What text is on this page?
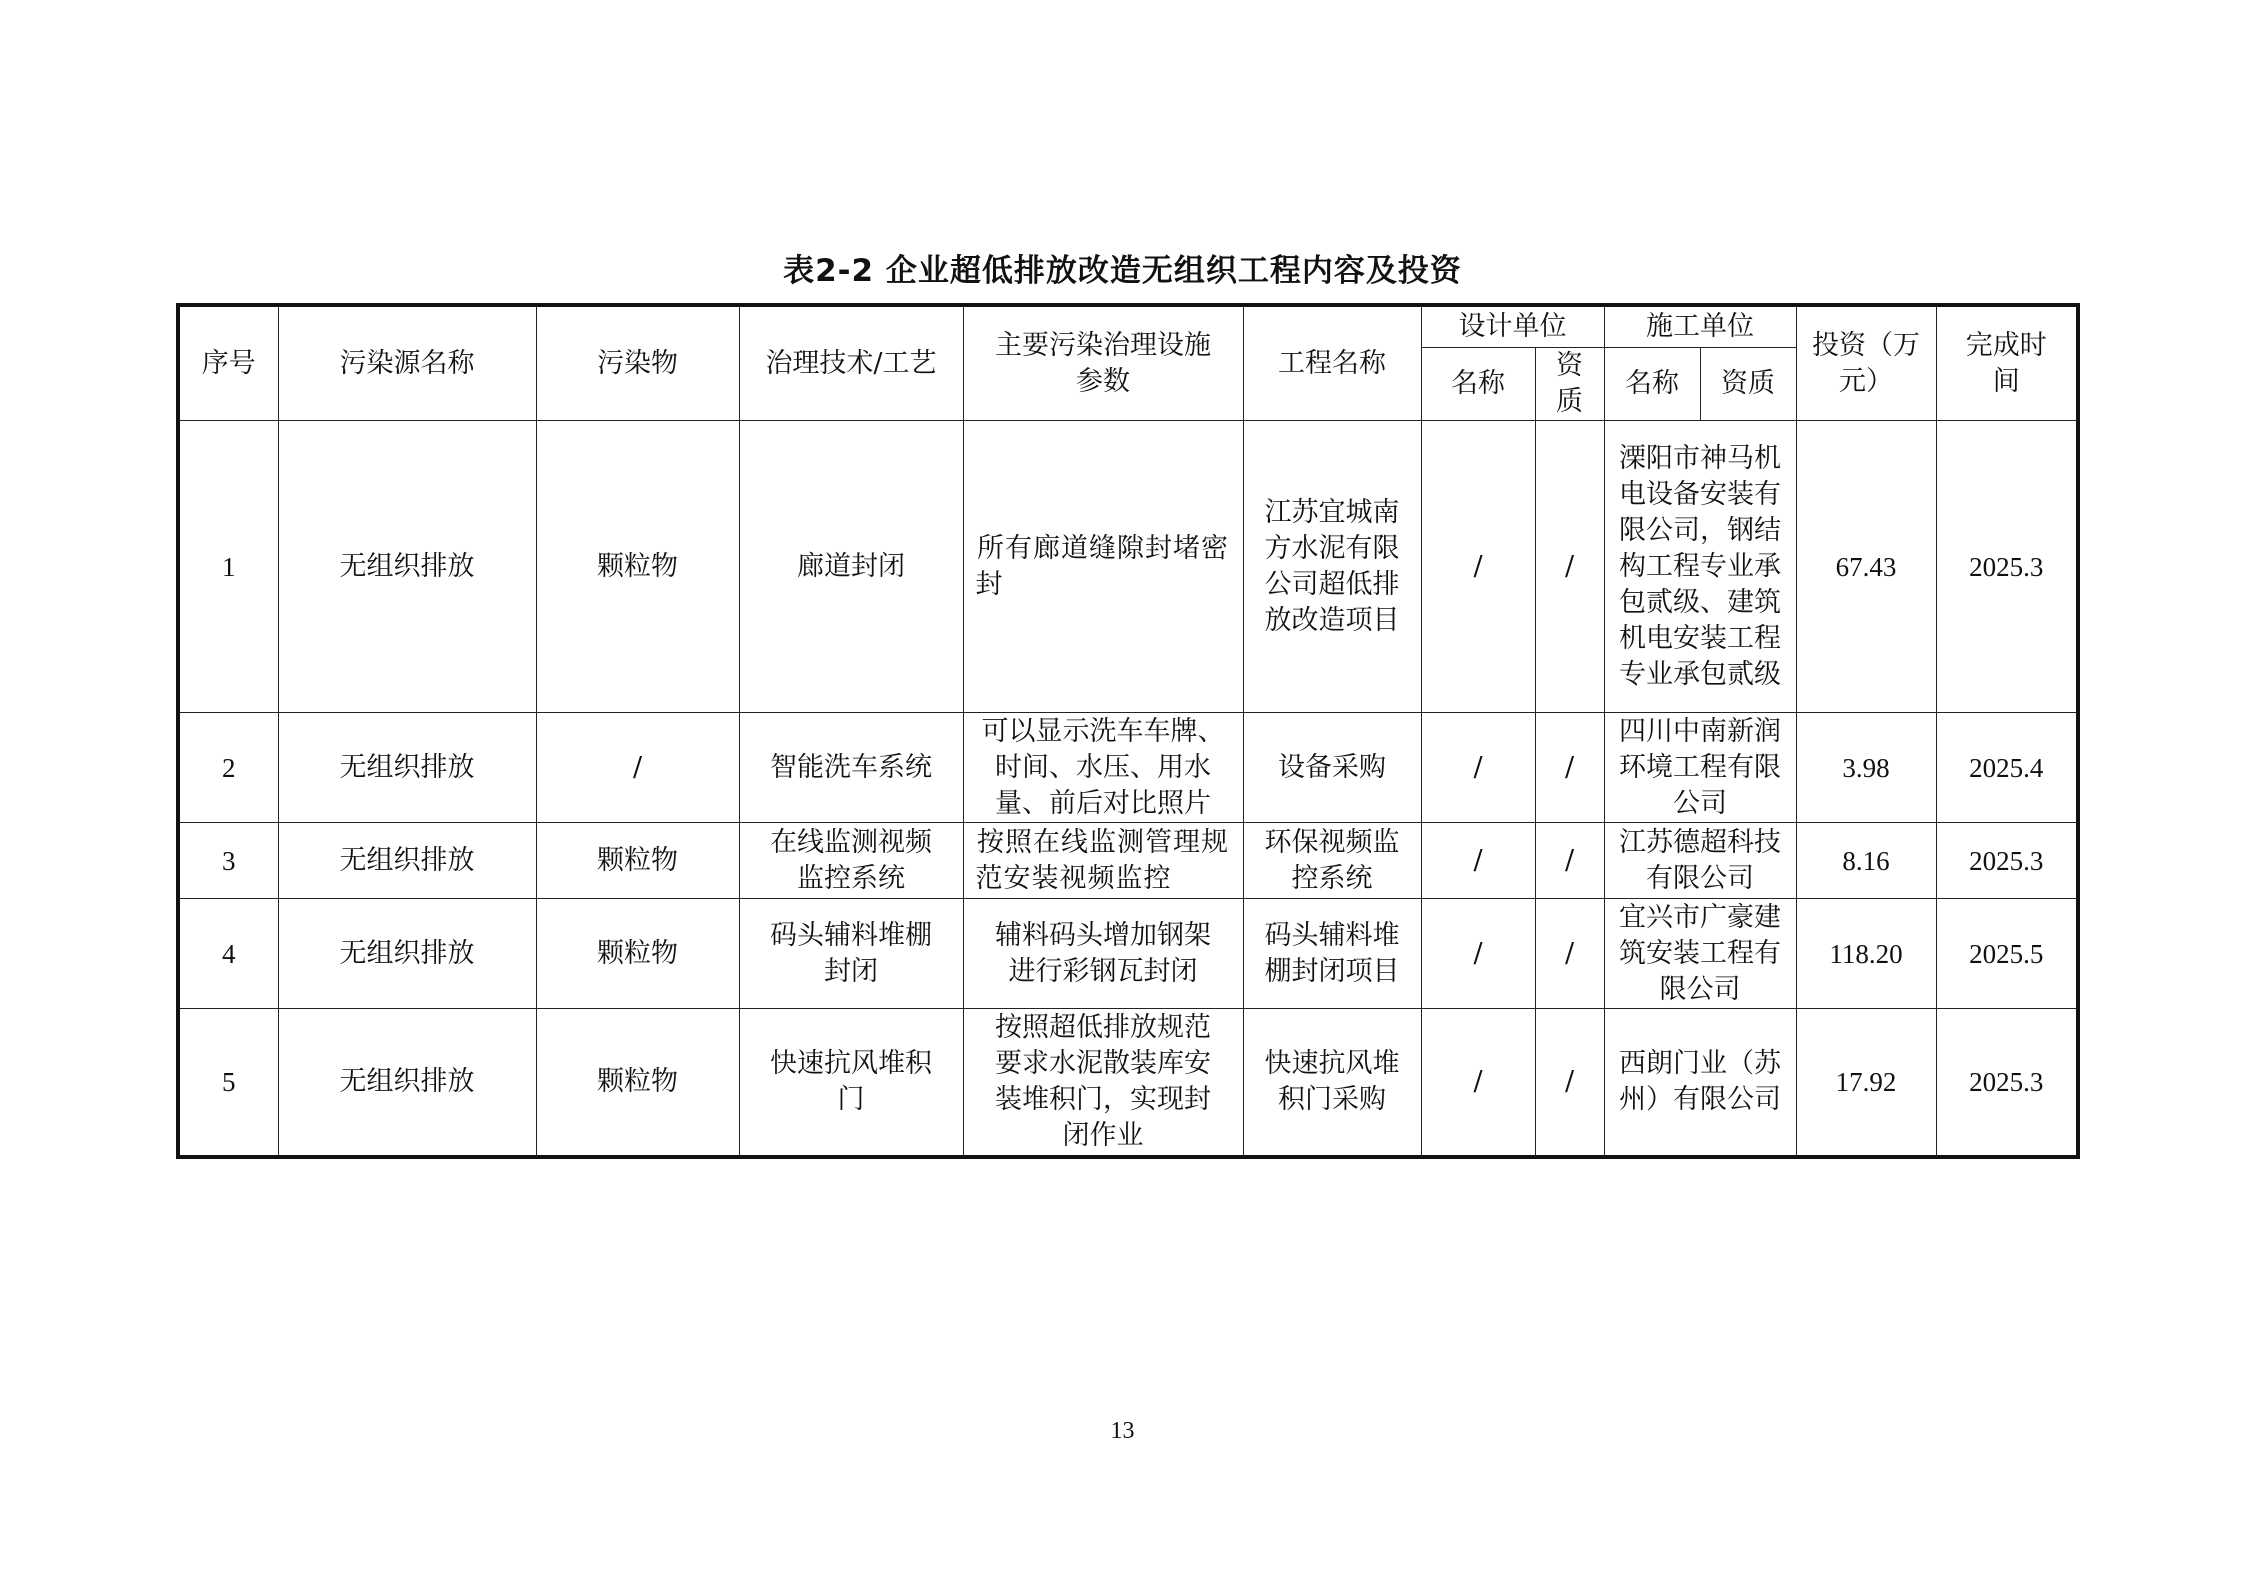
表2-2 企业超低排放改造无组织工程内容及投资
序号	污染源名称	污染物	治理技术/工艺	主要污染治理设施参数	工程名称	设计单位		施工单位		投资（万元）	完成时间
						名称	资质	名称	资质		
1	无组织排放	颗粒物	廊道封闭	所有廊道缝隙封堵密封	江苏宜城南方水泥有限公司超低排放改造项目	/	/	溧阳市神马机电设备安装有限公司，钢结构工程专业承包贰级、建筑机电安装工程专业承包贰级		67.43	2025.3
2	无组织排放	/	智能洗车系统	可以显示洗车车牌、时间、水压、用水量、前后对比照片	设备采购	/	/	四川中南新润环境工程有限公司		3.98	2025.4
3	无组织排放	颗粒物	在线监测视频监控系统	按照在线监测管理规范安装视频监控	环保视频监控系统	/	/	江苏德超科技有限公司		8.16	2025.3
4	无组织排放	颗粒物	码头辅料堆棚封闭	辅料码头增加钢架进行彩钢瓦封闭	码头辅料堆棚封闭项目	/	/	宜兴市广豪建筑安装工程有限公司		118.20	2025.5
5	无组织排放	颗粒物	快速抗风堆积门	按照超低排放规范要求水泥散装库安装堆积门，实现封闭作业	快速抗风堆积门采购	/	/	西朗门业（苏州）有限公司		17.92	2025.3
13
